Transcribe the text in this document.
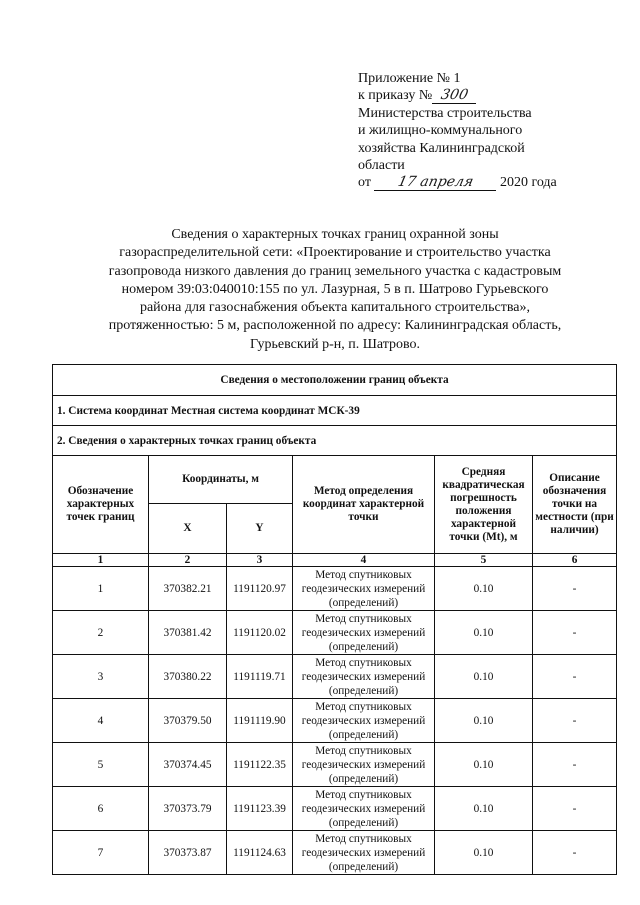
Приложение № 1
к приказу № 300
Министерства строительства
и жилищно-коммунального
хозяйства Калининградской
области
от 17 апреля 2020 года
Сведения о характерных точках границ охранной зоны
газораспределительной сети: «Проектирование и строительство участка
газопровода низкого давления до границ земельного участка с кадастровым
номером 39:03:040010:155 по ул. Лазурная, 5 в п. Шатрово Гурьевского
района для газоснабжения объекта капитального строительства»,
протяженностью: 5 м, расположенной по адресу: Калининградская область,
Гурьевский р-н, п. Шатрово.
Сведения о местоположении границ объекта					
1. Система координат Местная система координат МСК-39					
2. Сведения о характерных точках границ объекта					
Обозначение характерных точек границ	Координаты, м		Метод определения координат характерной точки	Средняя квадратическая погрешность положения характерной точки (Mt), м	Описание обозначения точки на местности (при наличии)
	X	Y			
1	2	3	4	5	6
1	370382.21	1191120.97	Метод спутниковых геодезических измерений (определений)	0.10	-
2	370381.42	1191120.02	Метод спутниковых геодезических измерений (определений)	0.10	-
3	370380.22	1191119.71	Метод спутниковых геодезических измерений (определений)	0.10	-
4	370379.50	1191119.90	Метод спутниковых геодезических измерений (определений)	0.10	-
5	370374.45	1191122.35	Метод спутниковых геодезических измерений (определений)	0.10	-
6	370373.79	1191123.39	Метод спутниковых геодезических измерений (определений)	0.10	-
7	370373.87	1191124.63	Метод спутниковых геодезических измерений (определений)	0.10	-
